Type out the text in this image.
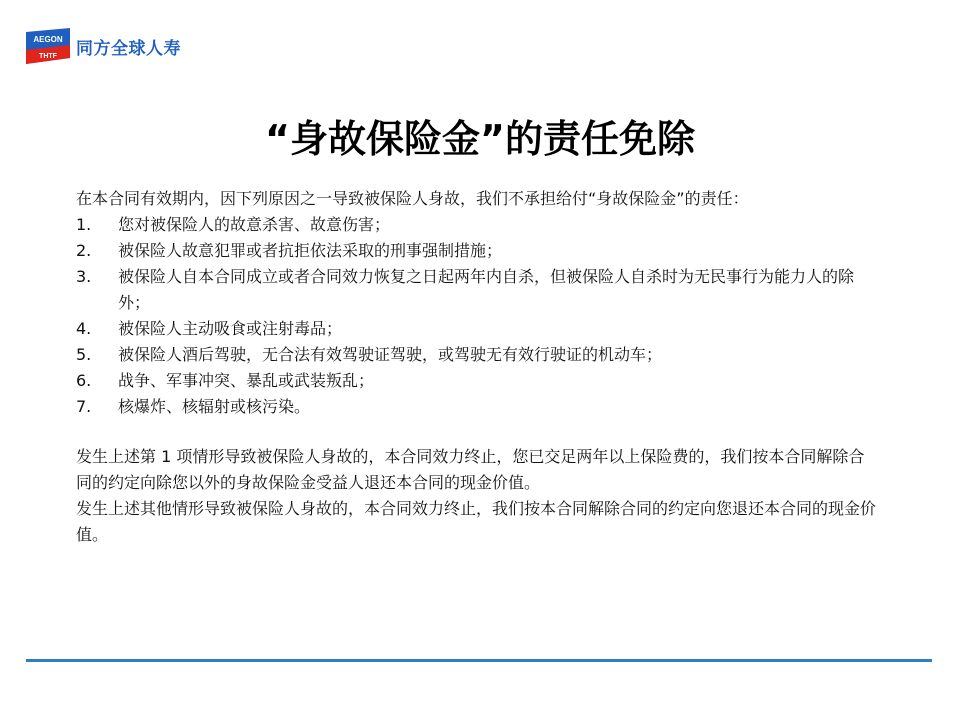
AEGON
THTF 同方全球人寿
“身故保险金”的责任免除

在本合同有效期内，因下列原因之一导致被保险人身故，我们不承担给付“身故保险金”的责任：

1.	您对被保险人的故意杀害、故意伤害；
2.	被保险人故意犯罪或者抗拒依法采取的刑事强制措施；
3.	被保险人自本合同成立或者合同效力恢复之日起两年内自杀，但被保险人自杀时为无民事行为能力人的除外；
4.	被保险人主动吸食或注射毒品；
5.	被保险人酒后驾驶，无合法有效驾驶证驾驶，或驾驶无有效行驶证的机动车；
6.	战争、军事冲突、暴乱或武装叛乱；
7.	核爆炸、核辐射或核污染。

发生上述第 1 项情形导致被保险人身故的，本合同效力终止，您已交足两年以上保险费的，我们按本合同解除合同的约定向除您以外的身故保险金受益人退还本合同的现金价值。

发生上述其他情形导致被保险人身故的，本合同效力终止，我们按本合同解除合同的约定向您退还本合同的现金价值。
